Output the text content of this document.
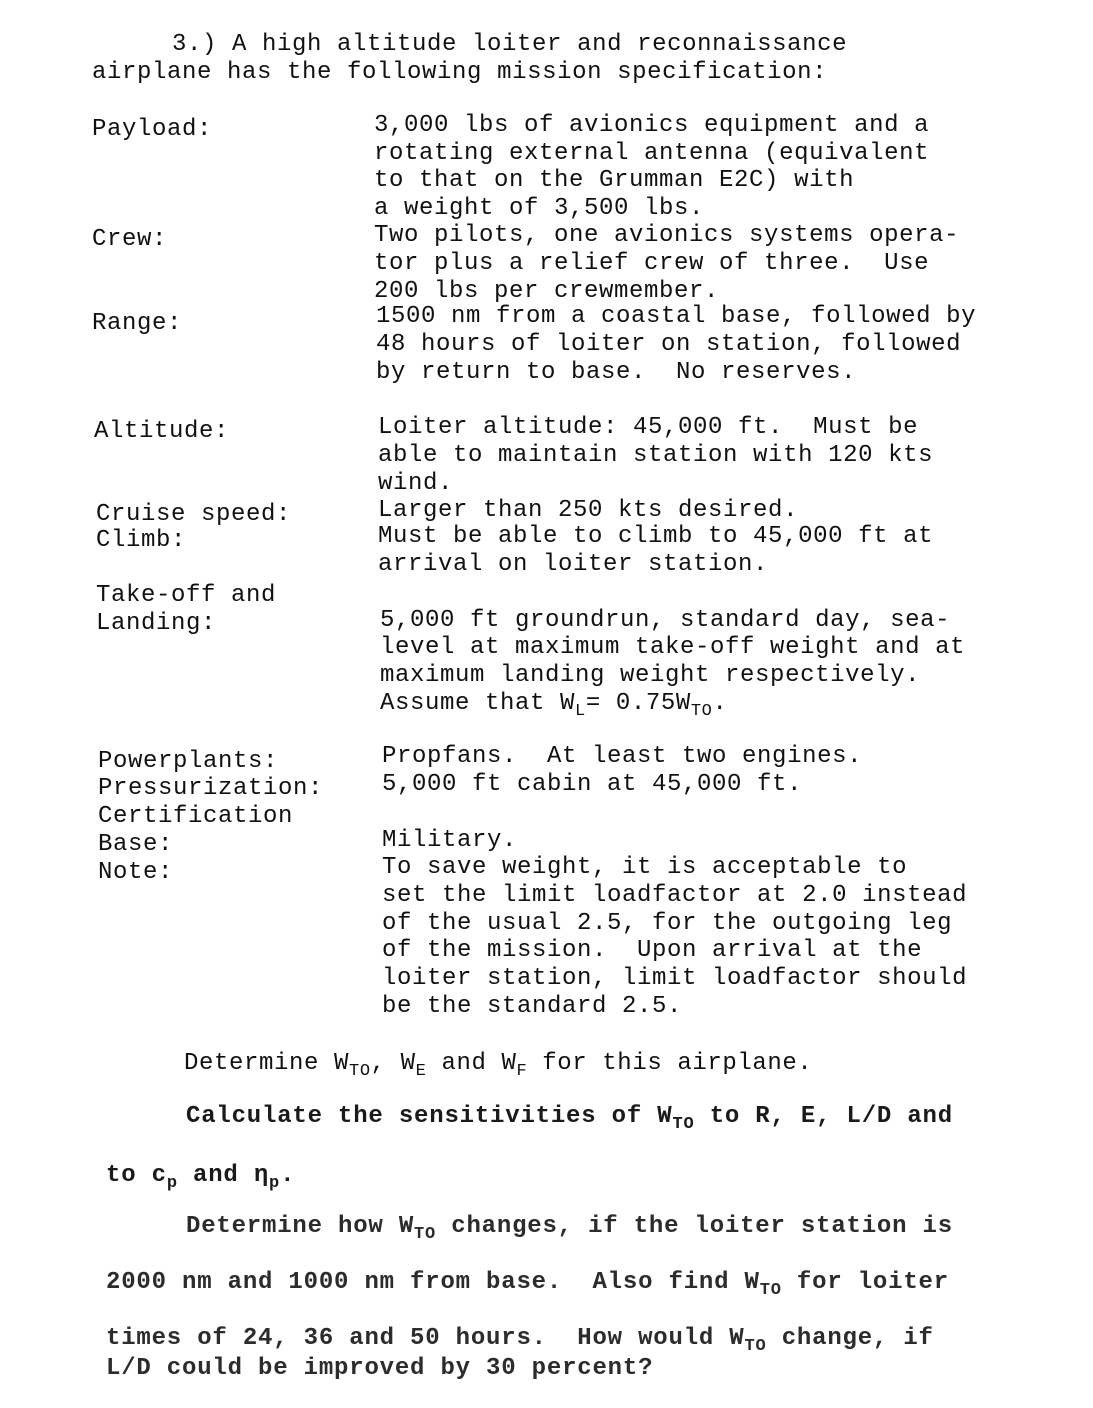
3.) A high altitude loiter and reconnaissance
airplane has the following mission specification:
Payload:	3,000 lbs of avionics equipment and a
rotating external antenna (equivalent
to that on the Grumman E2C) with
a weight of 3,500 lbs.
Crew:	Two pilots, one avionics systems opera-
tor plus a relief crew of three.  Use
200 lbs per crewmember.
Range:	1500 nm from a coastal base, followed by
48 hours of loiter on station, followed
by return to base.  No reserves.
Altitude:	Loiter altitude: 45,000 ft.  Must be
able to maintain station with 120 kts
wind.
Cruise speed:	Larger than 250 kts desired.
Climb:	Must be able to climb to 45,000 ft at
arrival on loiter station.
Take-off and
Landing:	5,000 ft groundrun, standard day, sea-
level at maximum take-off weight and at
maximum landing weight respectively.
Assume that $W_L= 0.75W_{TO}$.
Powerplants:	Propfans.  At least two engines.
Pressurization: 5,000 ft cabin at 45,000 ft.
Certification
Base:	Military.
Note:	To save weight, it is acceptable to
set the limit loadfactor at 2.0 instead
of the usual 2.5, for the outgoing leg
of the mission.  Upon arrival at the
loiter station, limit loadfactor should
be the standard 2.5.
Determine $W_{TO}$, $W_E$ and $W_F$ for this airplane.
Calculate the sensitivities of $W_{TO}$ to R, E, L/D and
to $c_p$ and $\eta_p$.
Determine how $W_{TO}$ changes, if the loiter station is
2000 nm and 1000 nm from base.  Also find $W_{TO}$ for loiter
times of 24, 36 and 50 hours.  How would $W_{TO}$ change, if
L/D could be improved by 30 percent?
